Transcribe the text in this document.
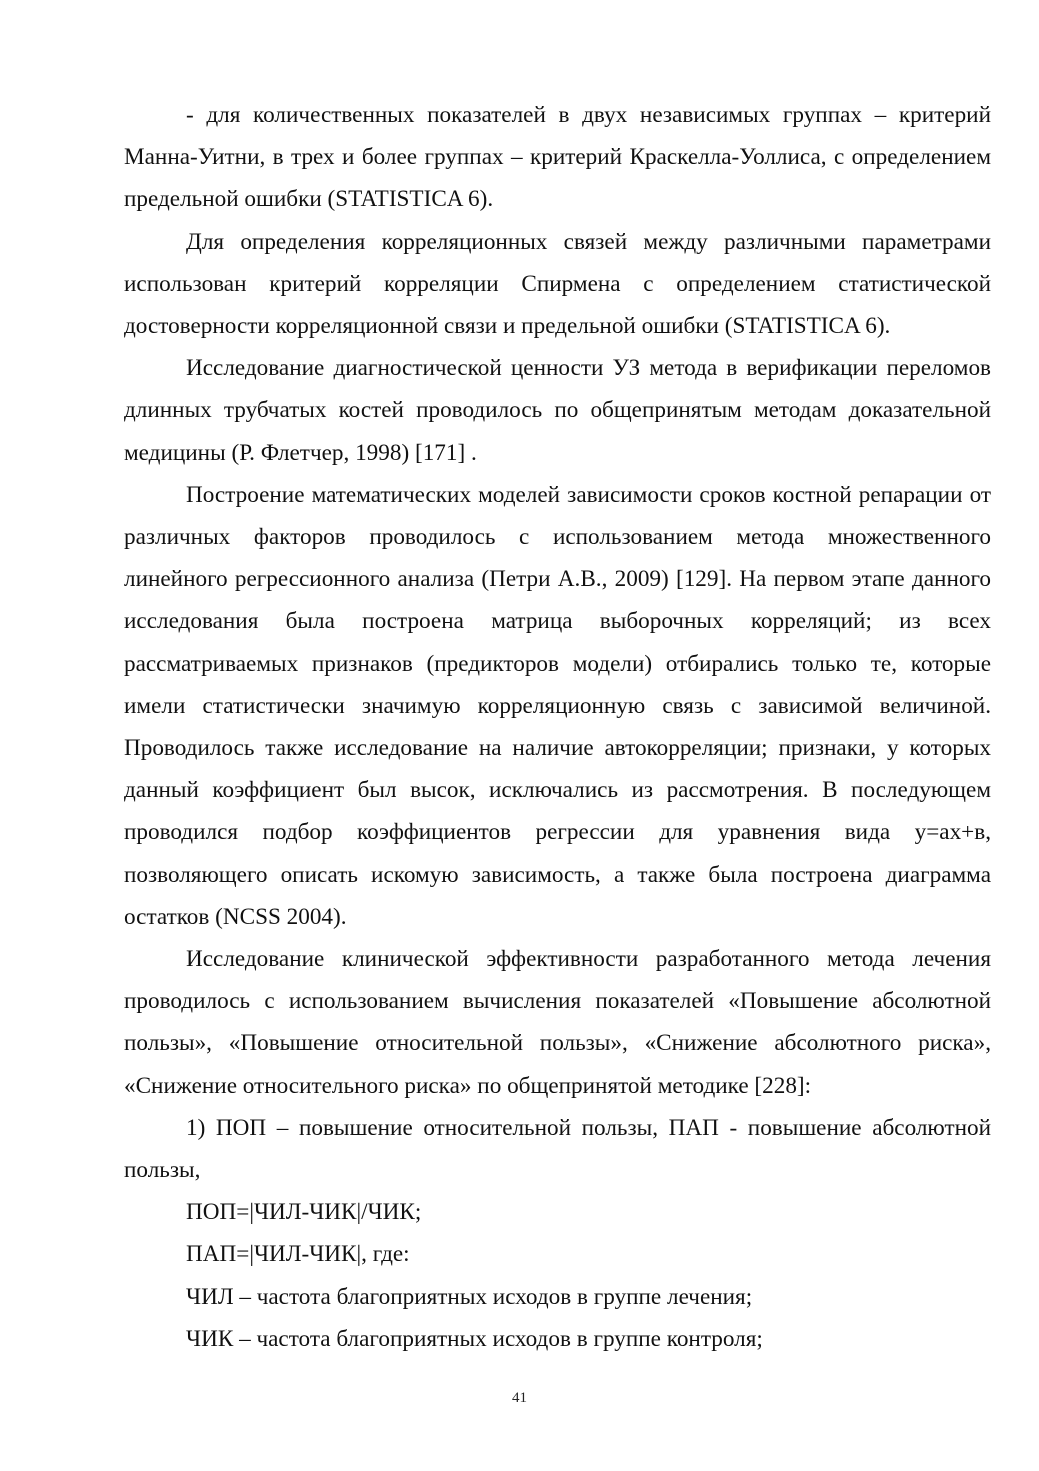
- для количественных показателей в двух независимых группах – критерий Манна-Уитни, в трех и более группах – критерий Краскелла-Уоллиса, с определением предельной ошибки (STATISTICA 6).

Для определения корреляционных связей между различными параметрами использован критерий корреляции Спирмена с определением статистической достоверности корреляционной связи и предельной ошибки (STATISTICA 6).

Исследование диагностической ценности УЗ метода в верификации переломов длинных трубчатых костей проводилось по общепринятым методам доказательной медицины (Р. Флетчер, 1998) [171] .

Построение математических моделей зависимости сроков костной репарации от различных факторов проводилось с использованием метода множественного линейного регрессионного анализа (Петри А.В., 2009) [129]. На первом этапе данного исследования была построена матрица выборочных корреляций; из всех рассматриваемых признаков (предикторов модели) отбирались только те, которые имели статистически значимую корреляционную связь с зависимой величиной. Проводилось также исследование на наличие автокорреляции; признаки, у которых данный коэффициент был высок, исключались из рассмотрения. В последующем проводился подбор коэффициентов регрессии для уравнения вида у=ах+в, позволяющего описать искомую зависимость, а также была построена диаграмма остатков (NCSS 2004).

Исследование клинической эффективности разработанного метода лечения проводилось с использованием вычисления показателей «Повышение абсолютной пользы», «Повышение относительной пользы», «Снижение абсолютного риска», «Снижение относительного риска» по общепринятой методике [228]:

1) ПОП – повышение относительной пользы, ПАП - повышение абсолютной пользы,

ПОП=|ЧИЛ-ЧИК|/ЧИК;

ПАП=|ЧИЛ-ЧИК|, где:

ЧИЛ – частота благоприятных исходов в группе лечения;

ЧИК – частота благоприятных исходов в группе контроля;

41
